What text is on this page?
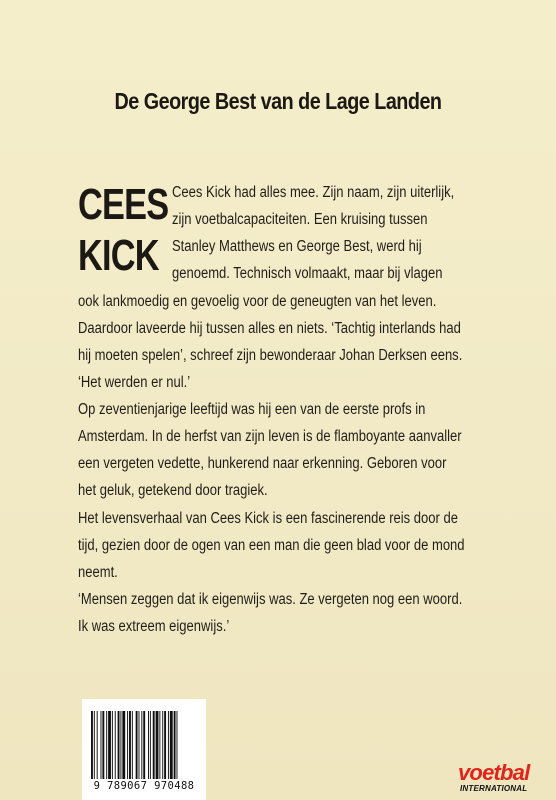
De George Best van de Lage Landen
CEES
KICK
Cees Kick had alles mee. Zijn naam, zijn uiterlijk,
zijn voetbalcapaciteiten. Een kruising tussen
Stanley Matthews en George Best, werd hij
genoemd. Technisch volmaakt, maar bij vlagen
ook lankmoedig en gevoelig voor de geneugten van het leven.
Daardoor laveerde hij tussen alles en niets. ‘Tachtig interlands had
hij moeten spelen’, schreef zijn bewonderaar Johan Derksen eens.
‘Het werden er nul.’
Op zeventienjarige leeftijd was hij een van de eerste profs in
Amsterdam. In de herfst van zijn leven is de flamboyante aanvaller
een vergeten vedette, hunkerend naar erkenning. Geboren voor
het geluk, getekend door tragiek.
Het levensverhaal van Cees Kick is een fascinerende reis door de
tijd, gezien door de ogen van een man die geen blad voor de mond
neemt.
‘Mensen zeggen dat ik eigenwijs was. Ze vergeten nog een woord.
Ik was extreem eigenwijs.’
9 789067 970488
voetbal
INTERNATIONAL
